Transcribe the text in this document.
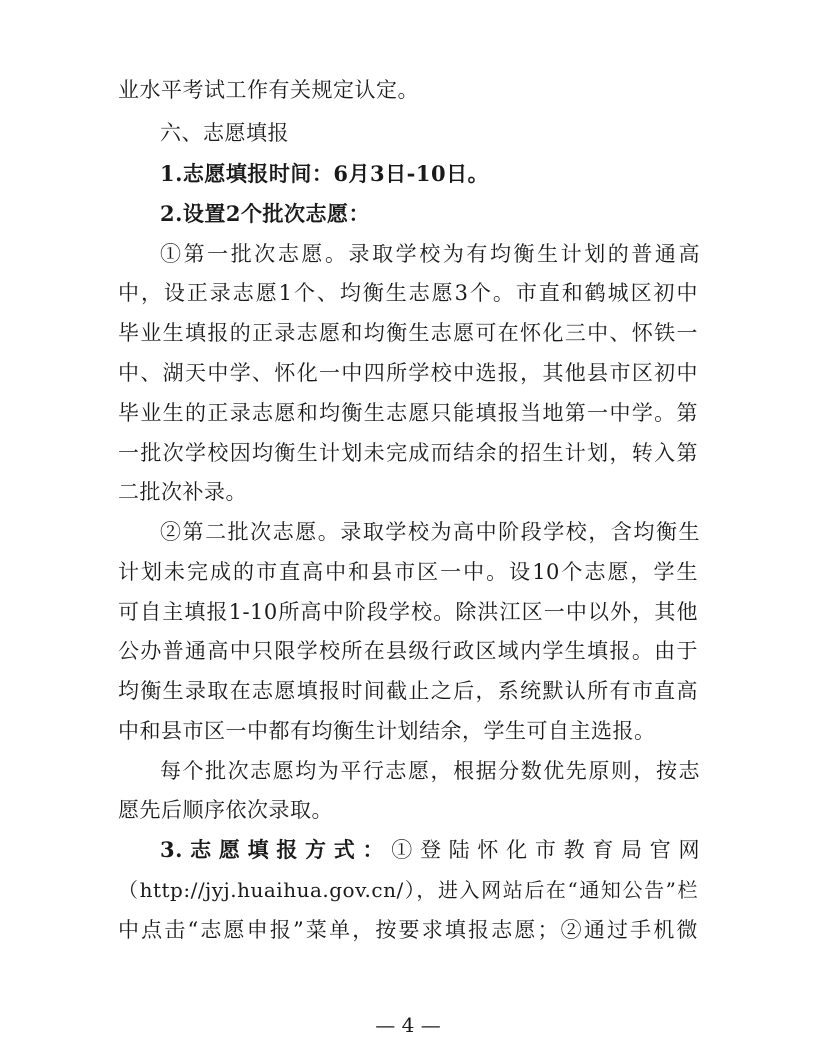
业水平考试工作有关规定认定。
六、志愿填报
1.志愿填报时间：6月3日-10日。
2.设置2个批次志愿：
①第一批次志愿。录取学校为有均衡生计划的普通高
中，设正录志愿1个、均衡生志愿3个。市直和鹤城区初中
毕业生填报的正录志愿和均衡生志愿可在怀化三中、怀铁一
中、湖天中学、怀化一中四所学校中选报，其他县市区初中
毕业生的正录志愿和均衡生志愿只能填报当地第一中学。第
一批次学校因均衡生计划未完成而结余的招生计划，转入第
二批次补录。
②第二批次志愿。录取学校为高中阶段学校，含均衡生
计划未完成的市直高中和县市区一中。设10个志愿，学生
可自主填报1-10所高中阶段学校。除洪江区一中以外，其他
公办普通高中只限学校所在县级行政区域内学生填报。由于
均衡生录取在志愿填报时间截止之后，系统默认所有市直高
中和县市区一中都有均衡生计划结余，学生可自主选报。
每个批次志愿均为平行志愿，根据分数优先原则，按志
愿先后顺序依次录取。
3.志愿填报方式：①登陆怀化市教育局官网
（http://jyj.huaihua.gov.cn/），进入网站后在“通知公告”栏
中点击“志愿申报”菜单，按要求填报志愿；②通过手机微
— 4 —
